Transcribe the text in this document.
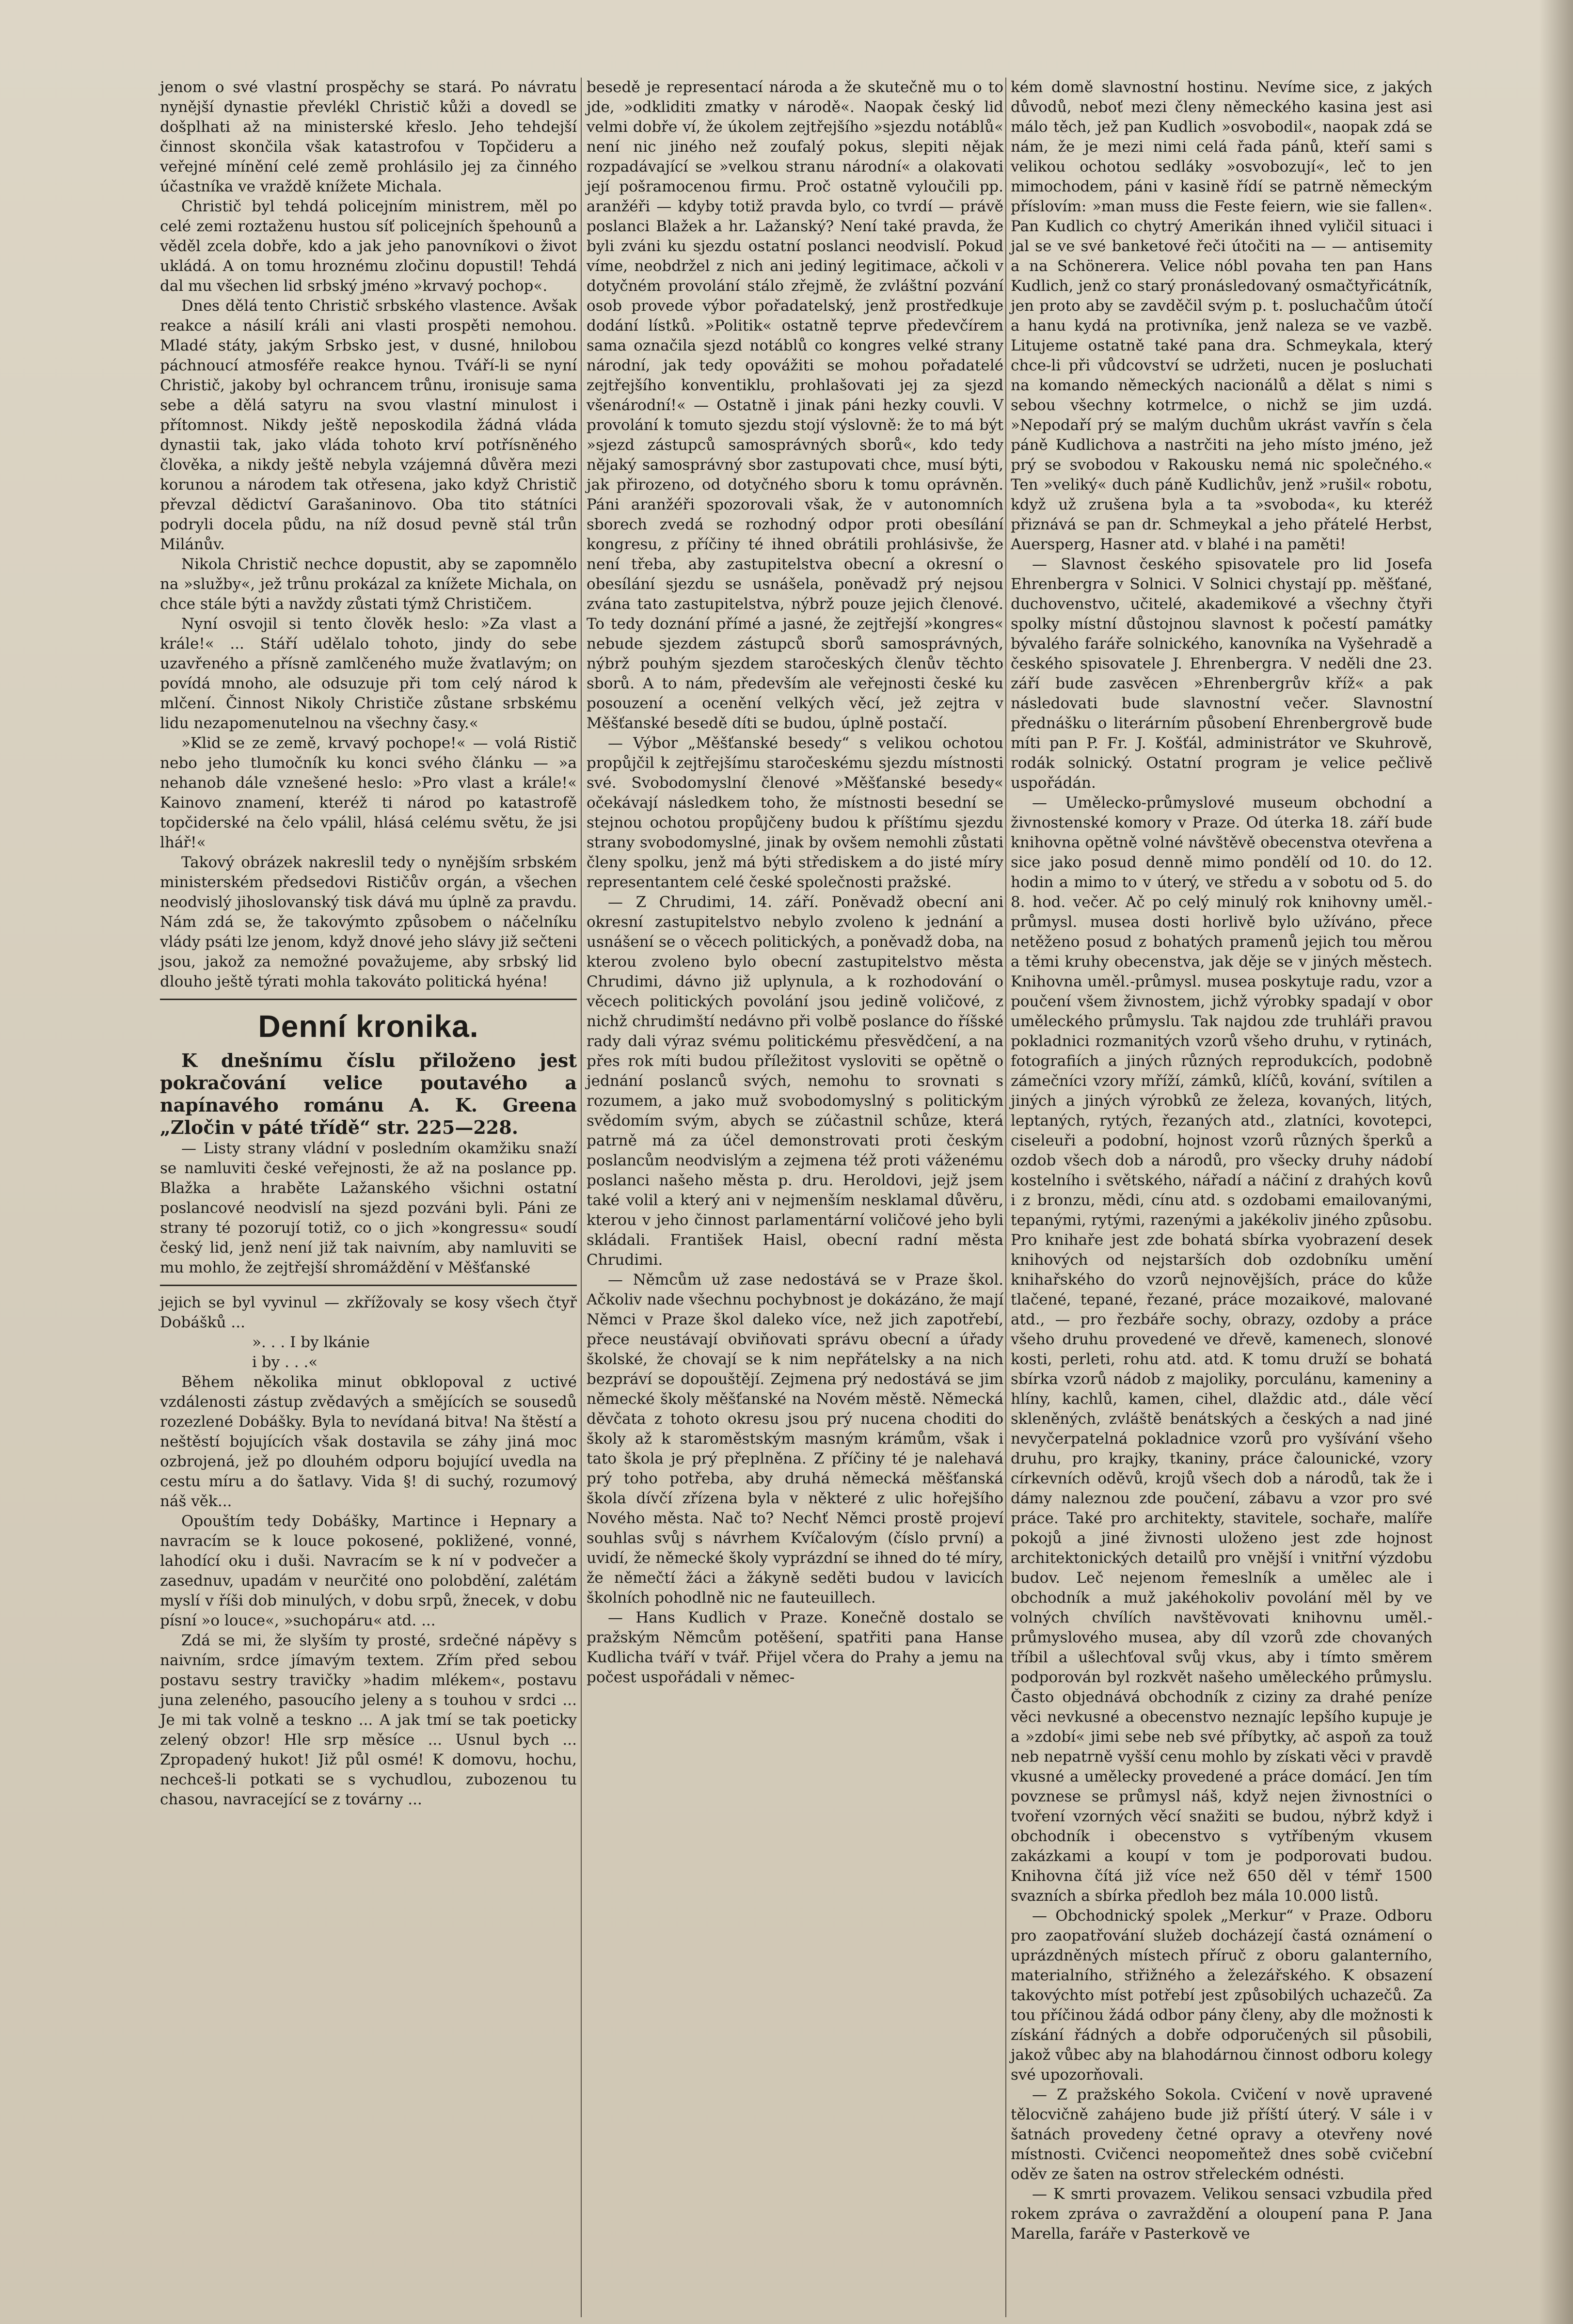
jenom o své vlastní prospěchy se stará. Po návratu nynější dynastie převlékl Christič kůži a dovedl se došplhati až na ministerské křeslo. Jeho tehdejší činnost skončila však katastrofou v Topčideru a veřejné mínění celé země prohlásilo jej za činného účastníka ve vraždě knížete Michala.

Christič byl tehdá policejním ministrem, měl po celé zemi roztaženu hustou síť policejních špehounů a věděl zcela dobře, kdo a jak jeho panovníkovi o život ukládá. A on tomu hroznému zločinu dopustil! Tehdá dal mu všechen lid srbský jméno »krvavý pochop«.

Dnes dělá tento Christič srbského vlastence. Avšak reakce a násilí králi ani vlasti prospěti nemohou. Mladé státy, jakým Srbsko jest, v dusné, hnilobou páchnoucí atmosféře reakce hynou. Tváří-li se nyní Christič, jakoby byl ochrancem trůnu, ironisuje sama sebe a dělá satyru na svou vlastní minulost i přítomnost. Nikdy ještě neposkodila žádná vláda dynastii tak, jako vláda tohoto krví potřísněného člověka, a nikdy ještě nebyla vzájemná důvěra mezi korunou a národem tak otřesena, jako když Christič převzal dědictví Garašaninovo. Oba tito státníci podryli docela půdu, na níž dosud pevně stál trůn Milánův.

Nikola Christič nechce dopustit, aby se zapomnělo na »služby«, jež trůnu prokázal za knížete Michala, on chce stále býti a navždy zůstati týmž Christičem.

Nyní osvojil si tento člověk heslo: »Za vlast a krále!« ... Stáří udělalo tohoto, jindy do sebe uzavřeného a přísně zamlčeného muže žvatlavým; on povídá mnoho, ale odsuzuje při tom celý národ k mlčení. Činnost Nikoly Christiče zůstane srbskému lidu nezapomenutelnou na všechny časy.«

»Klid se ze země, krvavý pochope!« — volá Ristič nebo jeho tlumočník ku konci svého článku — »a nehanob dále vznešené heslo: »Pro vlast a krále!« Kainovo znamení, kteréž ti národ po katastrofě topčiderské na čelo vpálil, hlásá celému světu, že jsi lhář!«

Takový obrázek nakreslil tedy o nynějším srbském ministerském předsedovi Rističův orgán, a všechen neodvislý jihoslovanský tisk dává mu úplně za pravdu. Nám zdá se, že takovýmto způsobem o náčelníku vlády psáti lze jenom, když dnové jeho slávy již sečteni jsou, jakož za nemožné považujeme, aby srbský lid dlouho ještě týrati mohla takováto politická hyéna!

Denní kronika.

K dnešnímu číslu přiloženo jest pokračování velice poutavého a napínavého románu A. K. Greena „Zločin v páté třídě“ str. 225—228.

— Listy strany vládní v posledním okamžiku snaží se namluviti české veřejnosti, že až na poslance pp. Blažka a hraběte Lažanského všichni ostatní poslancové neodvislí na sjezd pozváni byli. Páni ze strany té pozorují totiž, co o jich »kongressu« soudí český lid, jenž není již tak naivním, aby namluviti se mu mohlo, že zejtřejší shromáždění v Měšťanské

jejich se byl vyvinul — zkřížovaly se kosy všech čtyř Dobášků ...

». . . I by lkánie

i by . . .«

Během několika minut obklopoval z uctivé vzdálenosti zástup zvědavých a smějících se sousedů rozezlené Dobášky. Byla to nevídaná bitva! Na štěstí a neštěstí bojujících však dostavila se záhy jiná moc ozbrojená, jež po dlouhém odporu bojující uvedla na cestu míru a do šatlavy. Vida §! di suchý, rozumový náš věk...

Opouštím tedy Dobášky, Martince i Hepnary a navracím se k louce pokosené, pokližené, vonné, lahodící oku i duši. Navracím se k ní v podvečer a zasednuv, upadám v neurčité ono polobdění, zalétám myslí v říši dob minulých, v dobu srpů, žnecek, v dobu písní »o louce«, »suchopáru« atd. ...

Zdá se mi, že slyším ty prosté, srdečné nápěvy s naivním, srdce jímavým textem. Zřím před sebou postavu sestry travičky »hadim mlékem«, postavu juna zeleného, pasoucího jeleny a s touhou v srdci ... Je mi tak volně a tesknо ... A jak tmí se tak poeticky zelený obzor! Hle srp měsíce ... Usnul bych ... Zpropadený hukot! Již půl osmé! K domovu, hochu, nechceš-li potkati se s vychudlou, zubozenou tu chasou, navracející se z továrny ...

besedě je representací národa a že skutečně mu o to jde, »odkliditi zmatky v národě«. Naopak český lid velmi dobře ví, že úkolem zejtřejšího »sjezdu notáblů« není nic jiného než zoufalý pokus, slepiti nějak rozpadávající se »velkou stranu národní« a olakovati její pošramocenou firmu. Proč ostatně vyloučili pp. aranžéři — kdyby totiž pravda bylo, co tvrdí — právě poslanci Blažek a hr. Lažanský? Není také pravda, že byli zváni ku sjezdu ostatní poslanci neodvislí. Pokud víme, neobdržel z nich ani jediný legitimace, ačkoli v dotyčném provolání stálo zřejmě, že zvláštní pozvání osob provede výbor pořadatelský, jenž prostředkuje dodání lístků. »Politik« ostatně teprve předevčírem sama označila sjezd notáblů co kongres velké strany národní, jak tedy opovážiti se mohou pořadatelé zejtřejšího konventiklu, prohlašovati jej za sjezd všenárodní!« — Ostatně i jinak páni hezky couvli. V provolání k tomuto sjezdu stojí výslovně: že to má být »sjezd zástupců samosprávných sborů«, kdo tedy nějaký samosprávný sbor zastupovati chce, musí býti, jak přirozeno, od dotyčného sboru k tomu oprávněn. Páni aranžéři spozorovali však, že v autonomních sborech zvedá se rozhodný odpor proti obesílání kongresu, z příčiny té ihned obrátili prohlásivše, že není třeba, aby zastupitelstva obecní a okresní o obesílání sjezdu se usnášela, poněvadž prý nejsou zvána tato zastupitelstva, nýbrž pouze jejich členové. To tedy doznání přímé a jasné, že zejtřejší »kongres« nebude sjezdem zástupců sborů samosprávných, nýbrž pouhým sjezdem staročeských členův těchto sborů. A to nám, především ale veřejnosti české ku posouzení a ocenění velkých věcí, jež zejtra v Měšťanské besedě díti se budou, úplně postačí.

— Výbor „Měšťanské besedy“ s velikou ochotou propůjčil k zejtřejšímu staročeskému sjezdu místnosti své. Svobodomyslní členové »Měšťanské besedy« očekávají následkem toho, že místnosti besední se stejnou ochotou propůjčeny budou k příštímu sjezdu strany svobodomyslné, jinak by ovšem nemohli zůstati členy spolku, jenž má býti střediskem a do jisté míry representantem celé české společnosti pražské.

— Z Chrudimi, 14. září. Poněvadž obecní ani okresní zastupitelstvo nebylo zvoleno k jednání a usnášení se o věcech politických, a poněvadž doba, na kterou zvoleno bylo obecní zastupitelstvo města Chrudimi, dávno již uplynula, a k rozhodování o věcech politických povolání jsou jedině voličové, z nichž chrudimští nedávno při volbě poslance do říšské rady dali výraz svému politickému přesvědčení, a na přes rok míti budou příležitost vysloviti se opětně o jednání poslanců svých, nemohu to srovnati s rozumem, a jako muž svobodomyslný s politickým svědomím svým, abych se zúčastnil schůze, která patrně má za účel demonstrovati proti českým poslancům neodvislým a zejmena též proti váženému poslanci našeho města p. dru. Heroldovi, jejž jsem také volil a který ani v nejmenším nesklamal důvěru, kterou v jeho činnost parlamentární voličové jeho byli skládali. František Haisl, obecní radní města Chrudimi.

— Němcům už zase nedostává se v Praze škol. Ačkoliv nade všechnu pochybnost je dokázáno, že mají Němci v Praze škol daleko více, než jich zapotřebí, přece neustávají obviňovati správu obecní a úřady školské, že chovají se k nim nepřátelsky a na nich bezpráví se dopouštějí. Zejmena prý nedostává se jim německé školy měšťanské na Novém městě. Německá děvčata z tohoto okresu jsou prý nucena choditi do školy až k staroměstským masným krámům, však i tato škola je prý přeplněna. Z příčiny té je nalehavá prý toho potřeba, aby druhá německá měšťanská škola dívčí zřízena byla v některé z ulic hořejšího Nového města. Nač to? Nechť Němci prostě projeví souhlas svůj s návrhem Kvíčalovým (číslo první) a uvidí, že německé školy vyprázdní se ihned do té míry, že němečtí žáci a žákyně seděti budou v lavicích školních pohodlně nic ne fauteuillech.

— Hans Kudlich v Praze. Konečně dostalo se pražským Němcům potěšení, spatřiti pana Hanse Kudlicha tváří v tvář. Přijel včera do Prahy a jemu na počest uspořádali v němec-

kém domě slavnostní hostinu. Nevíme sice, z jakých důvodů, neboť mezi členy německého kasina jest asi málo těch, jež pan Kudlich »osvobodil«, naopak zdá se nám, že je mezi nimi celá řada pánů, kteří sami s velikou ochotou sedláky »osvobozují«, leč to jen mimochodem, páni v kasině řídí se patrně německým příslovím: »man muss die Feste feiern, wie sie fallen«. Pan Kudlich co chytrý Amerikán ihned vyličil situaci i jal se ve své banketové řeči útočiti na — — antisemity a na Schönerera. Velice nóbl povaha ten pan Hans Kudlich, jenž co starý pronásledovaný osmačtyřicátník, jen proto aby se zavděčil svým p. t. posluchačům útočí a hanu kydá na protivníka, jenž naleza se ve vazbě. Litujeme ostatně také pana dra. Schmeykala, který chce-li při vůdcovství se udržeti, nucen je posluchati na komando německých nacionálů a dělat s nimi s sebou všechny kotrmelce, o nichž se jim uzdá. »Nepodaří prý se malým duchům ukrást vavřín s čela páně Kudlichova a nastrčiti na jeho místo jméno, jež prý se svobodou v Rakousku nemá nic společného.« Ten »veliký« duch páně Kudlichův, jenž »rušil« robotu, když už zrušena byla a ta »svoboda«, ku kteréž přiznává se pan dr. Schmeykal a jeho přátelé Herbst, Auersperg, Hasner atd. v blahé i na paměti!

— Slavnost českého spisovatele pro lid Josefa Ehrenbergra v Solnici. V Solnici chystají pp. měšťané, duchovenstvo, učitelé, akademikové a všechny čtyři spolky místní důstojnou slavnost k počestí památky bývalého faráře solnického, kanovníka na Vyšehradě a českého spisovatele J. Ehrenbergra. V neděli dne 23. září bude zasvěcen »Ehrenbergrův kříž« a pak následovati bude slavnostní večer. Slavnostní přednášku o literárním působení Ehrenbergrově bude míti pan P. Fr. J. Košťál, administrátor ve Skuhrově, rodák solnický. Ostatní program je velice pečlivě uspořádán.

— Umělecko-průmyslové museum obchodní a živnostenské komory v Praze. Od úterka 18. září bude knihovna opětně volné návštěvě obecenstva otevřena a sice jako posud denně mimo pondělí od 10. do 12. hodin a mimo to v úterý, ve středu a v sobotu od 5. do 8. hod. večer. Ač po celý minulý rok knihovny uměl.-průmysl. musea dosti horlivě bylo užíváno, přece netěženo posud z bohatých pramenů jejich tou měrou a těmi kruhy obecenstva, jak děje se v jiných městech. Knihovna uměl.-průmysl. musea poskytuje radu, vzor a poučení všem živnostem, jichž výrobky spadají v obor uměleckého průmyslu. Tak najdou zde truhláři pravou pokladnici rozmanitých vzorů všeho druhu, v rytinách, fotografiích a jiných různých reprodukcích, podobně zámečníci vzory mříží, zámků, klíčů, kování, svítilen a jiných a jiných výrobků ze železa, kovaných, litých, leptaných, rytých, řezaných atd., zlatníci, kovotepci, ciseleuři a podobní, hojnost vzorů různých šperků a ozdob všech dob a národů, pro všecky druhy nádobí kostelního i světského, nářadí a náčiní z drahých kovů i z bronzu, mědi, cínu atd. s ozdobami emailovanými, tepanými, rytými, razenými a jakékoliv jiného způsobu. Pro knihaře jest zde bohatá sbírka vyobrazení desek knihových od nejstarších dob ozdobníku umění knihařského do vzorů nejnovějších, práce do kůže tlačené, tepané, řezané, práce mozaikové, malované atd., — pro řezbáře sochy, obrazy, ozdoby a práce všeho druhu provedené ve dřevě, kamenech, slonové kosti, perleti, rohu atd. atd. K tomu druží se bohatá sbírka vzorů nádob z majoliky, porculánu, kameniny a hlíny, kachlů, kamen, cihel, dlaždic atd., dále věcí skleněných, zvláště benátských a českých a nad jiné nevyčerpatelná pokladnice vzorů pro vyšívání všeho druhu, pro krajky, tkaniny, práce čalounické, vzory církevních oděvů, krojů všech dob a národů, tak že i dámy naleznou zde poučení, zábavu a vzor pro své práce. Také pro architekty, stavitele, sochaře, malíře pokojů a jiné živnosti uloženo jest zde hojnost architektonických detailů pro vnější i vnitřní výzdobu budov. Leč nejenom řemeslník a umělec ale i obchodník a muž jakéhokoliv povolání měl by ve volných chvílích navštěvovati knihovnu uměl.-průmyslového musea, aby díl vzorů zde chovaných tříbil a ušlechťoval svůj vkus, aby i tímto směrem podporován byl rozkvět našeho uměleckého průmyslu. Často objednává obchodník z ciziny za drahé peníze věci nevkusné a obecenstvo neznajíc lepšího kupuje je a »zdobí« jimi sebe neb své příbytky, ač aspoň za touž neb nepatrně vyšší cenu mohlo by získati věci v pravdě vkusné a umělecky provedené a práce domácí. Jen tím povznese se průmysl náš, když nejen živnostníci o tvoření vzorných věcí snažiti se budou, nýbrž když i obchodník i obecenstvo s vytříbeným vkusem zakázkami a koupí v tom je podporovati budou. Knihovna čítá již více než 650 děl v témř 1500 svazních a sbírka předloh bez mála 10.000 listů.

— Obchodnický spolek „Merkur“ v Praze. Odboru pro zaopatřování služeb docházejí častá oznámení o uprázdněných místech příruč z oboru galanterního, materialního, střižného a železářského. K obsazení takovýchto míst potřebí jest způsobilých uchazečů. Za tou příčinou žádá odbor pány členy, aby dle možnosti k získání řádných a dobře odporučených sil působili, jakož vůbec aby na blahodárnou činnost odboru kolegy své upozorňovali.

— Z pražského Sokola. Cvičení v nově upravené tělocvičně zahájeno bude již příští úterý. V sále i v šatnách provedeny četné opravy a otevřeny nové místnosti. Cvičenci neopomeňtež dnes sobě cvičební oděv ze šaten na ostrov střeleckém odnésti.

— K smrti provazem. Velikou sensaci vzbudila před rokem zpráva o zavraždění a oloupení pana P. Jana Marella, faráře v Pasterkově ve
